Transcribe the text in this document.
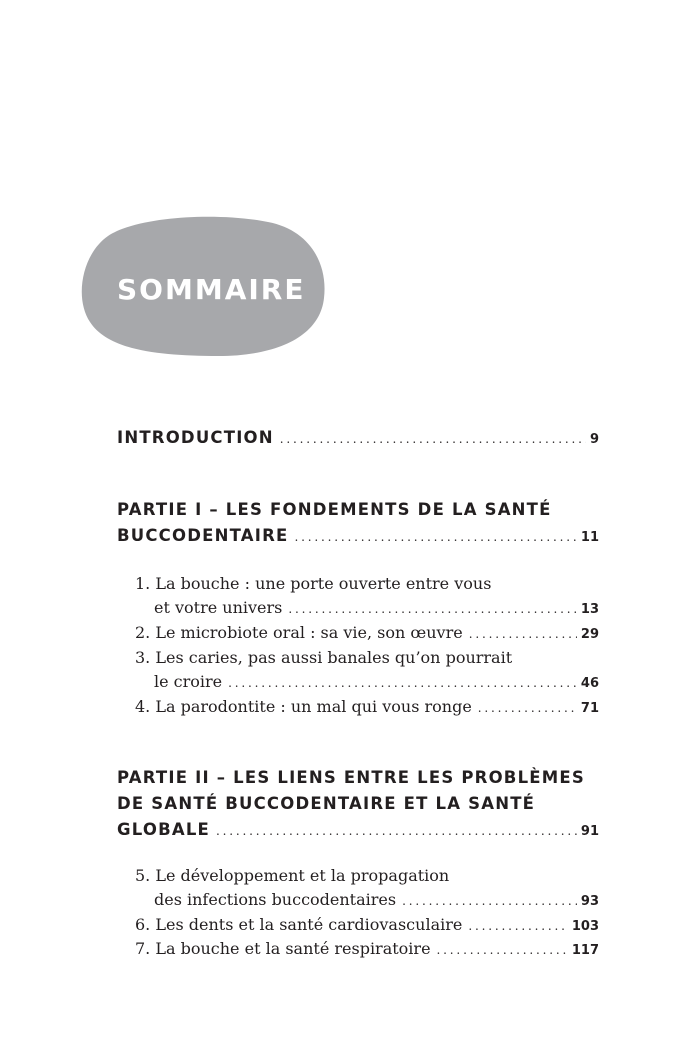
SOMMAIRE
INTRODUCTION . . .	9
PARTIE I – LES FONDEMENTS DE LA SANTÉ
BUCCODENTAIRE . . .	11
1. La bouche : une porte ouverte entre vous
et votre univers . . .	13
2. Le microbiote oral : sa vie, son œuvre . . .	29
3. Les caries, pas aussi banales qu’on pourrait
le croire . . .	46
4. La parodontite : un mal qui vous ronge . . .	71
PARTIE II – LES LIENS ENTRE LES PROBLÈMES
DE SANTÉ BUCCODENTAIRE ET LA SANTÉ
GLOBALE . . .	91
5. Le développement et la propagation
des infections buccodentaires . . .	93
6. Les dents et la santé cardiovasculaire . . .	103
7. La bouche et la santé respiratoire . . .	117
